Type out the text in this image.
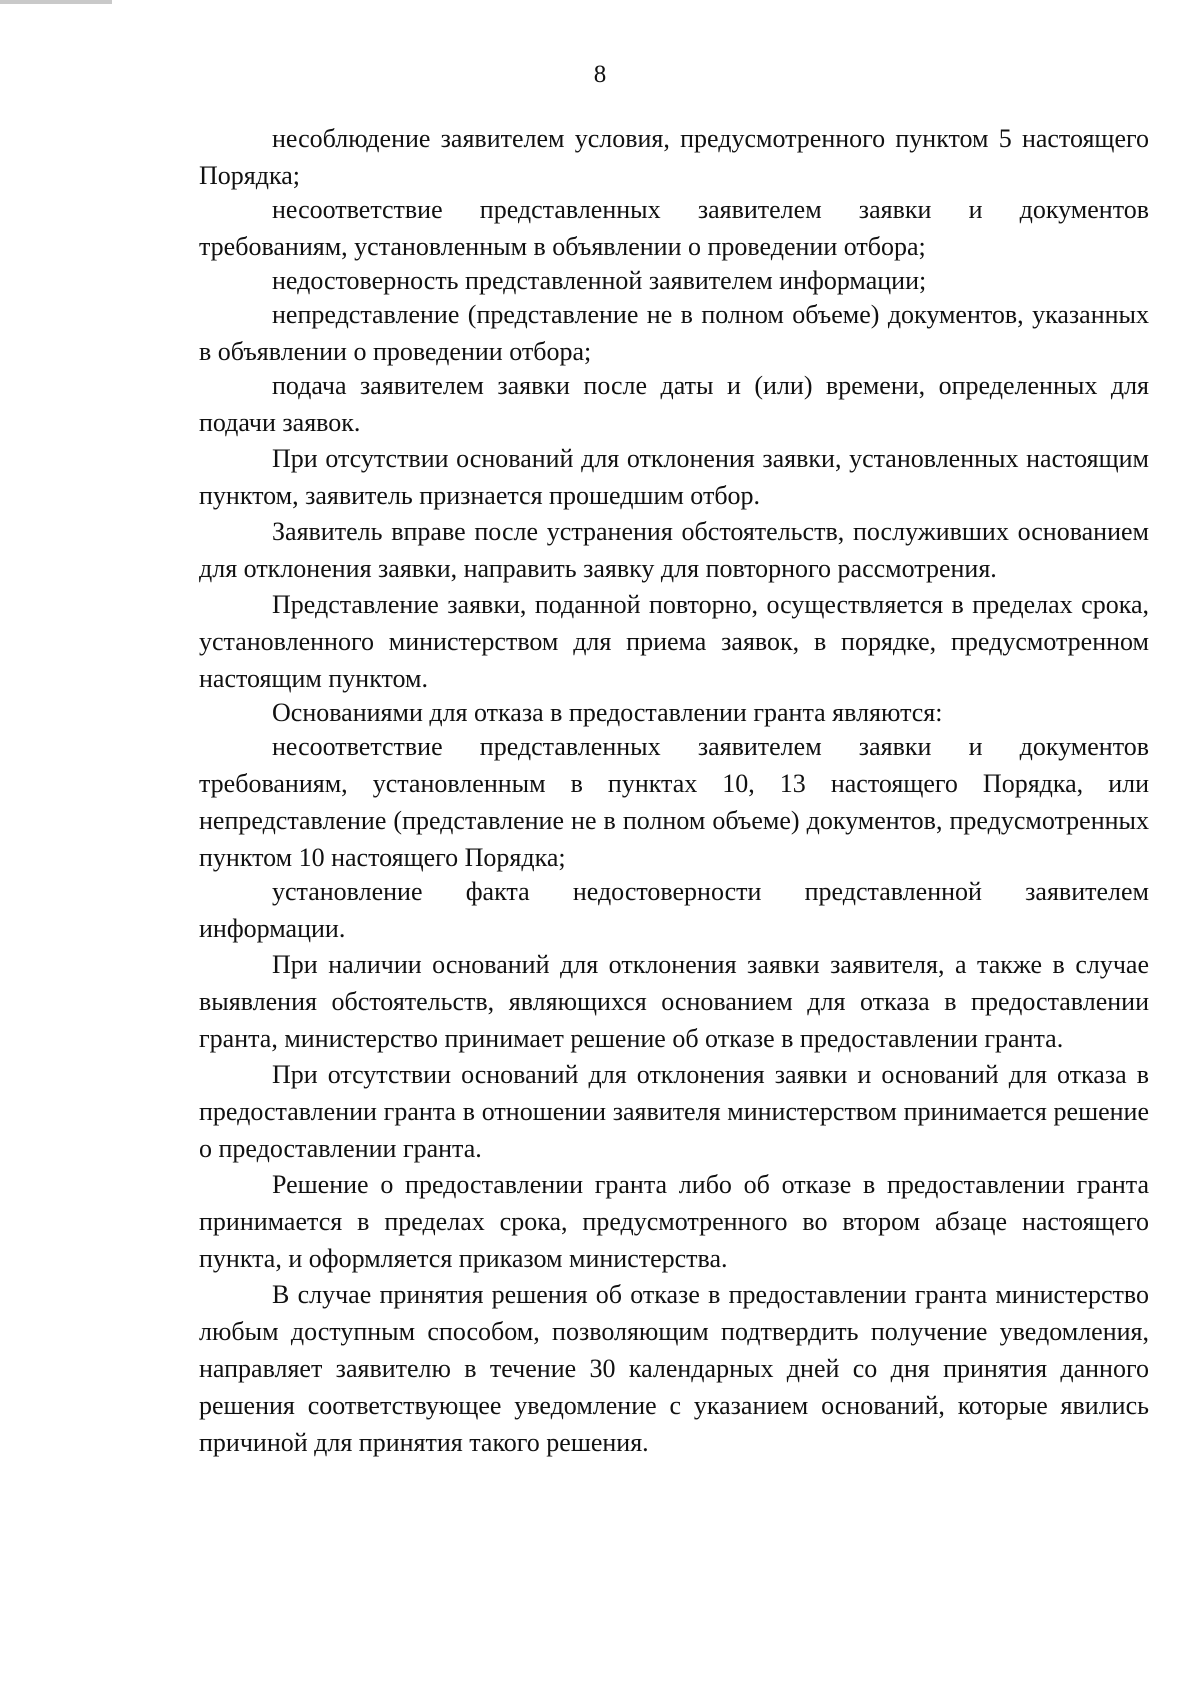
8

несоблюдение заявителем условия, предусмотренного пунктом 5 настоящего Порядка;

несоответствие представленных заявителем заявки и документов требованиям, установленным в объявлении о проведении отбора;

недостоверность представленной заявителем информации;

непредставление (представление не в полном объеме) документов, указанных в объявлении о проведении отбора;

подача заявителем заявки после даты и (или) времени, определенных для подачи заявок.

При отсутствии оснований для отклонения заявки, установленных настоящим пунктом, заявитель признается прошедшим отбор.

Заявитель вправе после устранения обстоятельств, послуживших основанием для отклонения заявки, направить заявку для повторного рассмотрения.

Представление заявки, поданной повторно, осуществляется в пределах срока, установленного министерством для приема заявок, в порядке, предусмотренном настоящим пунктом.

Основаниями для отказа в предоставлении гранта являются:

несоответствие представленных заявителем заявки и документов требованиям, установленным в пунктах 10, 13 настоящего Порядка, или непредставление (представление не в полном объеме) документов, предусмотренных пунктом 10 настоящего Порядка;

установление факта недостоверности представленной заявителем информации.

При наличии оснований для отклонения заявки заявителя, а также в случае выявления обстоятельств, являющихся основанием для отказа в предоставлении гранта, министерство принимает решение об отказе в предоставлении гранта.

При отсутствии оснований для отклонения заявки и оснований для отказа в предоставлении гранта в отношении заявителя министерством принимается решение о предоставлении гранта.

Решение о предоставлении гранта либо об отказе в предоставлении гранта принимается в пределах срока, предусмотренного во втором абзаце настоящего пункта, и оформляется приказом министерства.

В случае принятия решения об отказе в предоставлении гранта министерство любым доступным способом, позволяющим подтвердить получение уведомления, направляет заявителю в течение 30 календарных дней со дня принятия данного решения соответствующее уведомление с указанием оснований, которые явились причиной для принятия такого решения.
